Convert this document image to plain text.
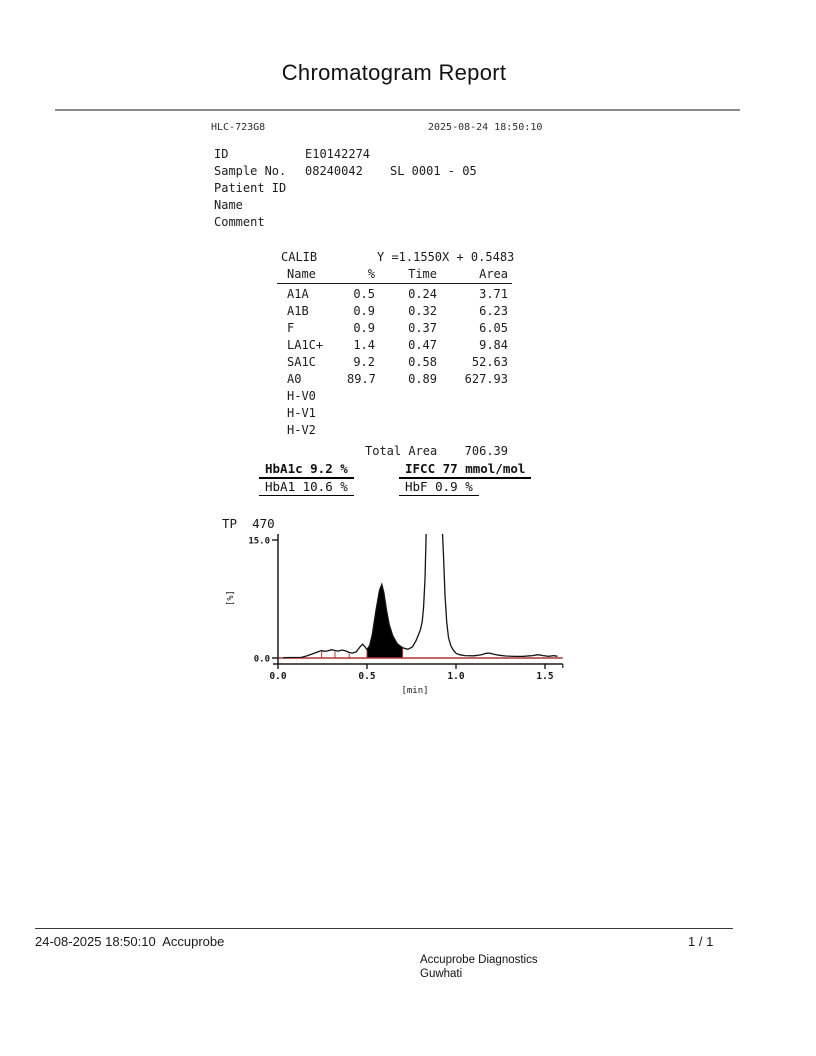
Chromatogram Report
HLC-723G8	2025-08-24 18:50:10
ID	E10142274
Sample No. 08240042 SL 0001 - 05
Patient ID
Name
Comment

CALIB

	Y =1.1550X + 0.5483

Name	%	Time	Area
A1A	0.5	0.24	3.71
A1B	0.9	0.32	6.23
F	0.9	0.37	6.05
LA1C+	1.4	0.47	9.84
SA1C	9.2	0.58	52.63
A0	89.7	0.89	627.93
H-V0
H-V1
H-V2

Total Area

	706.39

HbA1c 9.2 %	IFCC 77 mmol/mol
HbA1 10.6 %	HbF 0.9 %
TP  470
15.0
0.0
0.0	0.5	1.0	1.5
[min]
[%]
24-08-2025 18:50:10  Accuprobe	1 / 1
Accuprobe Diagnostics
Guwhati
